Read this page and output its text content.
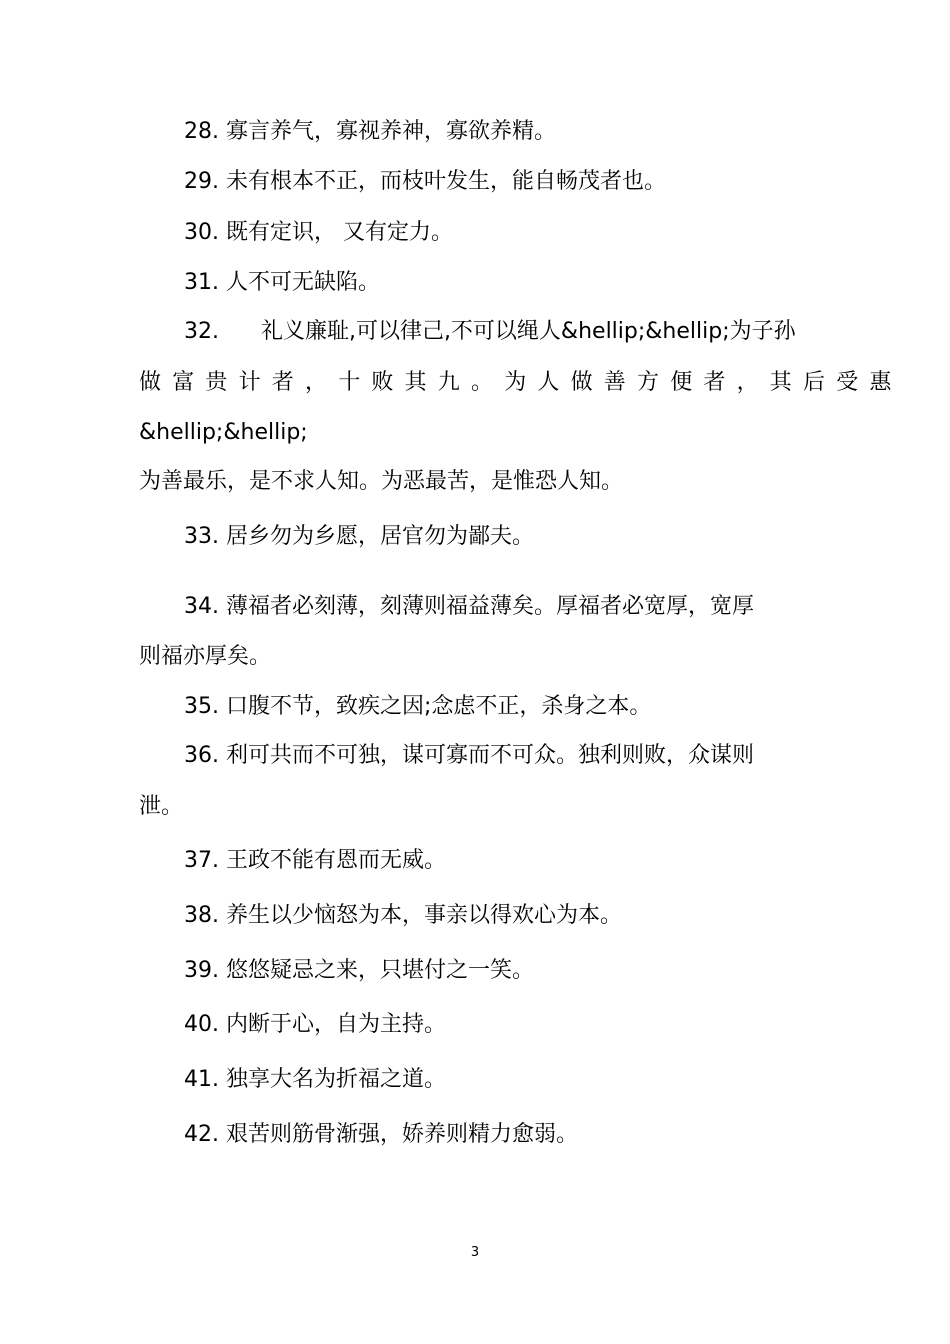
28. 寡言养气，寡视养神，寡欲养精。
29. 未有根本不正，而枝叶发生，能自畅茂者也。
30. 既有定识， 又有定力。
31. 人不可无缺陷。
32.      礼义廉耻,可以律己,不可以绳人&hellip;&hellip;为子孙
做富贵计者，十败其九。为人做善方便者，其后受惠
&hellip;&hellip;
为善最乐，是不求人知。为恶最苦，是惟恐人知。
33. 居乡勿为乡愿，居官勿为鄙夫。
34. 薄福者必刻薄，刻薄则福益薄矣。厚福者必宽厚，宽厚
则福亦厚矣。
35. 口腹不节，致疾之因;念虑不正，杀身之本。
36. 利可共而不可独，谋可寡而不可众。独利则败，众谋则
泄。
37. 王政不能有恩而无威。
38. 养生以少恼怒为本，事亲以得欢心为本。
39. 悠悠疑忌之来，只堪付之一笑。
40. 内断于心，自为主持。
41. 独享大名为折福之道。
42. 艰苦则筋骨渐强，娇养则精力愈弱。
3
